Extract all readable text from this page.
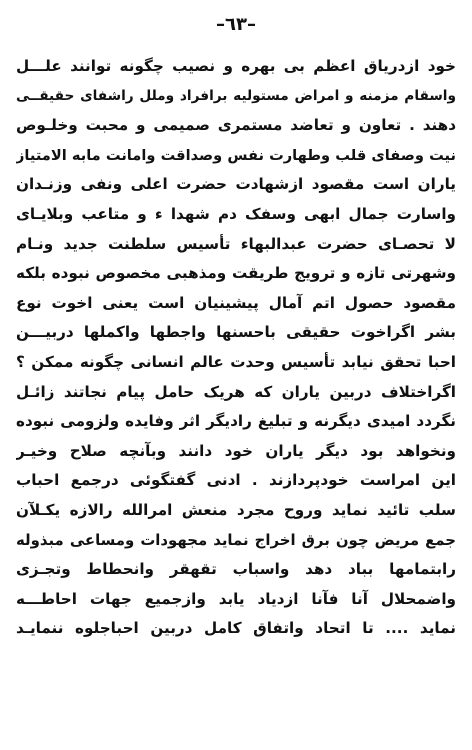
–٦٣–
خود ازدریاق اعظم بی بهره و نصیب چگونه توانند علـــل
واسقام مزمنه و امراض مستولیه برافراد وملل راشفای حقیقــی
دهند . تعاون و تعاضد مستمری صمیمی و محبت وخلـوص
نیت وصفای قلب وطهارت نفس وصداقت وامانت مابه الامتیاز
یاران است مقصود ازشهادت حضرت اعلی ونفی وزنـدان
واسارت جمال ابهی وسفک دم شهدا ء و متاعب وبلایـای
لا تحصـای حضرت عبدالبهاء تأسیس سلطنت جدید ونـام
وشهرتی تازه و ترویج طریقت ومذهبی مخصوص نبوده بلکه
مقصود حصول اتم آمال پیشینیان است یعنی اخوت نوع
بشر اگراخوت حقیقی باحسنها واجطها واکملها دربیـــن
احبا تحقق نیابد تأسیس وحدت عالم انسانی چگونه ممکن ؟
اگراختلاف دربین یاران که هریک حامل پیام نجاتند زائـل
نگردد امیدی دیگرنه و تبلیغ رادیگر اثر وفایده ولزومی نبوده
ونخواهد بود دیگر یاران خود دانند وبآنچه صلاح وخیـر
این امراست خودپردازند . ادنی گفتگوئی درجمع احباب
سلب تائید نماید وروح مجرد منعش امرالله رالازه یکـلآن
جمع مریض چون برق اخراج نماید مجهودات ومساعی مبذوله
رابتمامها بباد دهد واسباب تقهقر وانحطاط وتجـزی
واضمحلال آنا فآنا ازدیاد یابد وازجمیع جهات احاطـــه
نماید .... تا اتحاد واتفاق کامل دربین احباجلوه ننمایـد
